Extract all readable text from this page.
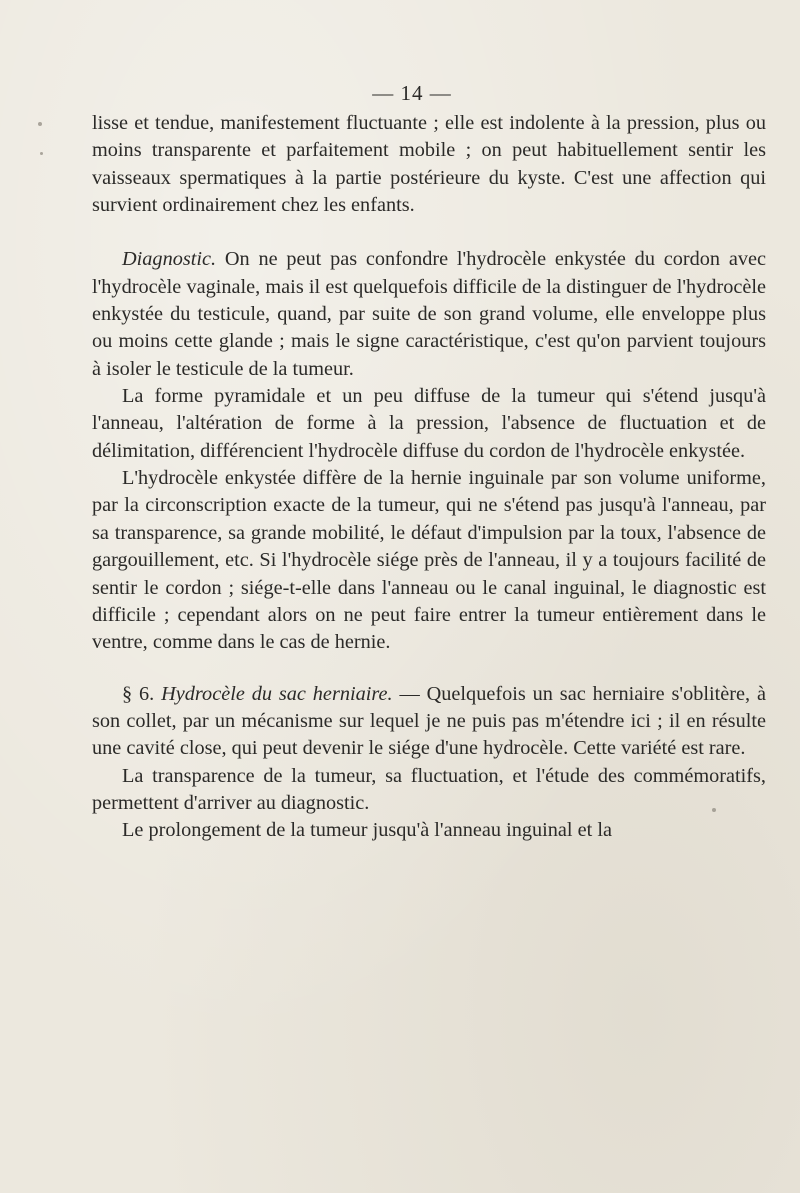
— 14 —

lisse et tendue, manifestement fluctuante ; elle est indolente à la pression, plus ou moins transparente et parfaitement mobile ; on peut habituellement sentir les vaisseaux spermatiques à la partie postérieure du kyste. C'est une affection qui survient ordinairement chez les enfants.

Diagnostic. On ne peut pas confondre l'hydrocèle enkystée du cordon avec l'hydrocèle vaginale, mais il est quelquefois difficile de la distinguer de l'hydrocèle enkystée du testicule, quand, par suite de son grand volume, elle enveloppe plus ou moins cette glande ; mais le signe caractéristique, c'est qu'on parvient toujours à isoler le testicule de la tumeur.

La forme pyramidale et un peu diffuse de la tumeur qui s'étend jusqu'à l'anneau, l'altération de forme à la pression, l'absence de fluctuation et de délimitation, différencient l'hydrocèle diffuse du cordon de l'hydrocèle enkystée.

L'hydrocèle enkystée diffère de la hernie inguinale par son volume uniforme, par la circonscription exacte de la tumeur, qui ne s'étend pas jusqu'à l'anneau, par sa transparence, sa grande mobilité, le défaut d'impulsion par la toux, l'absence de gargouillement, etc. Si l'hydrocèle siége près de l'anneau, il y a toujours facilité de sentir le cordon ; siége-t-elle dans l'anneau ou le canal inguinal, le diagnostic est difficile ; cependant alors on ne peut faire entrer la tumeur entièrement dans le ventre, comme dans le cas de hernie.

§ 6. Hydrocèle du sac herniaire. — Quelquefois un sac herniaire s'oblitère, à son collet, par un mécanisme sur lequel je ne puis pas m'étendre ici ; il en résulte une cavité close, qui peut devenir le siége d'une hydrocèle. Cette variété est rare.

La transparence de la tumeur, sa fluctuation, et l'étude des commémoratifs, permettent d'arriver au diagnostic.

Le prolongement de la tumeur jusqu'à l'anneau inguinal et la
